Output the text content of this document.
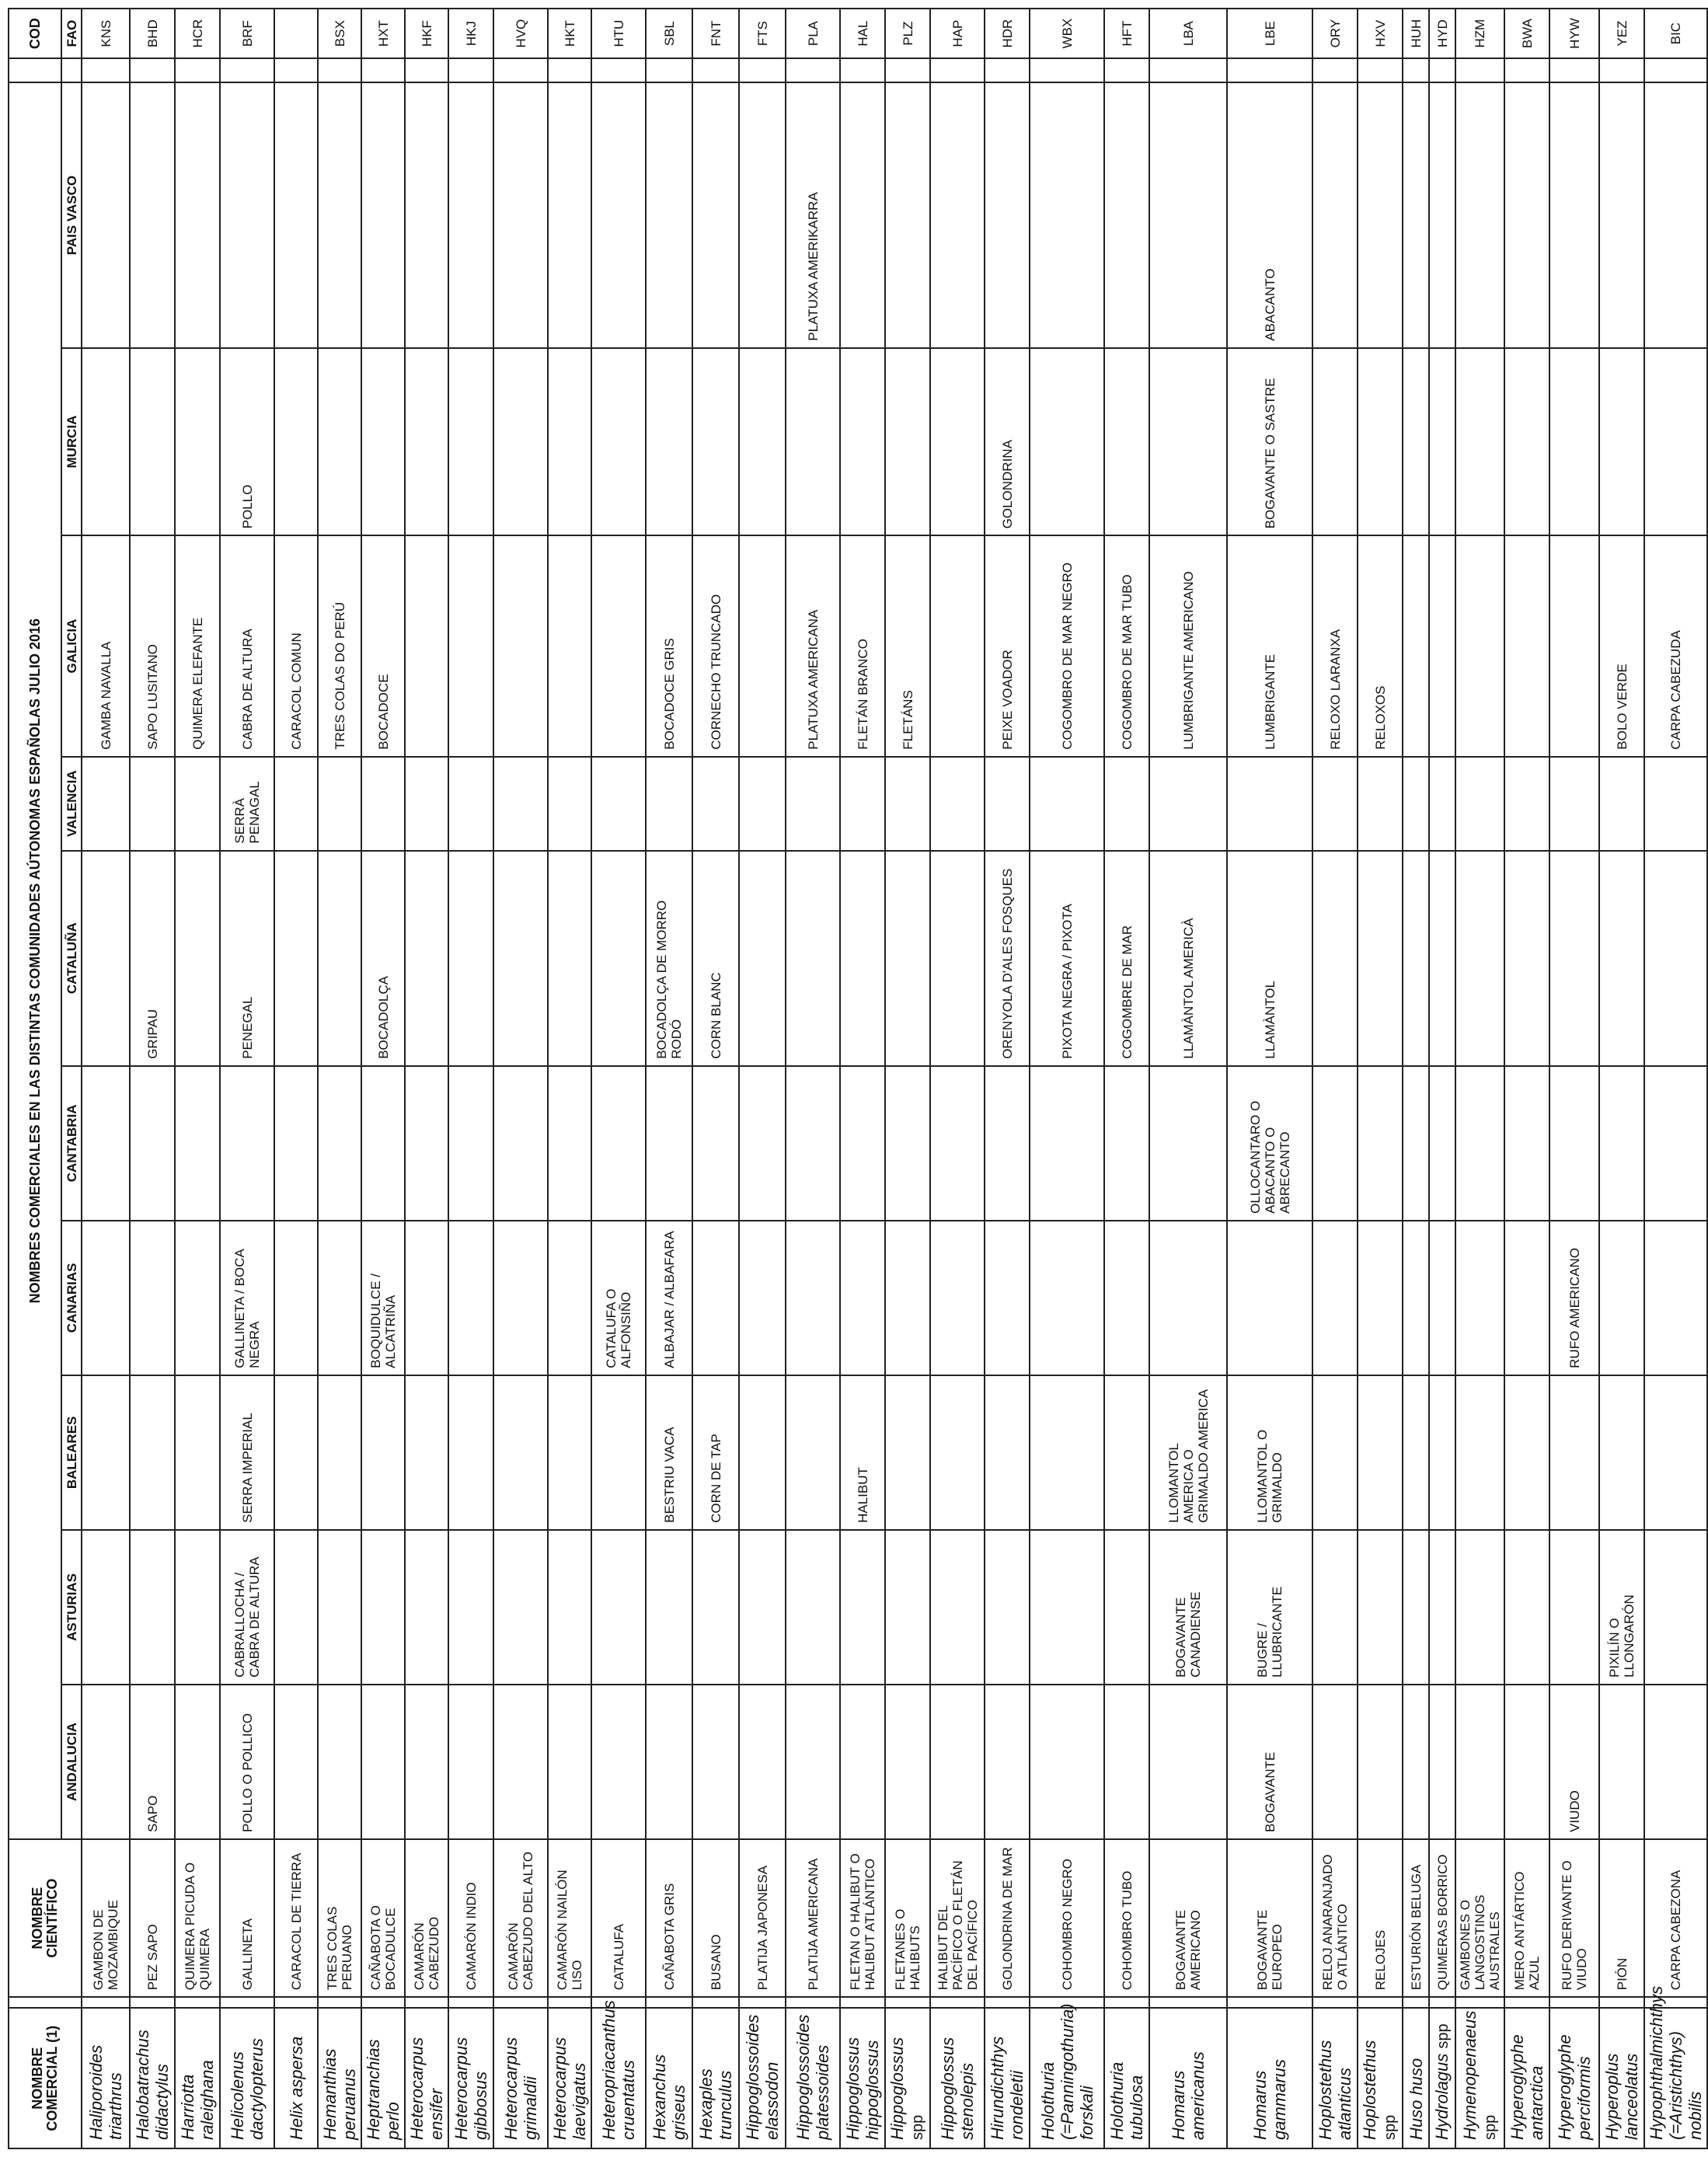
NOMBRE COMERCIAL (1)		NOMBRE CIENTÍFICO	NOMBRES COMERCIALES EN LAS DISTINTAS COMUNIDADES AÚTONOMAS ESPAÑOLAS JULIO 2016											COD
			ANDALUCIA	ASTURIAS	BALEARES	CANARIAS	CANTABRIA	CATALUÑA	VALENCIA	GALICIA	MURCIA	PAIS VASCO		FAO
Haliporoides triarthrus		GAMBON DE MOZAMBIQUE								GAMBA NAVALLA				KNS
Halobatrachus didactylus		PEZ SAPO	SAPO					GRIPAU		SAPO LUSITANO				BHD
Harriotta raleighana		QUIMERA PICUDA O QUIMERA								QUIMERA ELEFANTE				HCR
Helicolenus dactylopterus		GALLINETA	POLLO O POLLICO	CABRALLOCHA / CABRA DE ALTURA	SERRA IMPERIAL	GALLINETA / BOCA NEGRA		PENEGAL	SERRÀ PENAGAL	CABRA DE ALTURA	POLLO			BRF
Helix aspersa		CARACOL DE TIERRA								CARACOL COMUN				
Hemanthias peruanus		TRES COLAS PERUANO								TRES COLAS DO PERÚ				BSX
Heptranchias perlo		CAÑABOTA O BOCADULCE				BOQUIDULCE / ALCATRIÑA		BOCADOLÇA		BOCADOCE				HXT
Heterocarpus ensifer		CAMARÓN CABEZUDO												HKF
Heterocarpus gibbosus		CAMARÓN INDIO												HKJ
Heterocarpus grimaldii		CAMARÓN CABEZUDO DEL ALTO												HVQ
Heterocarpus laevigatus		CAMARÓN NAILÓN LISO												HKT
Heteropriacanthus cruentatus		CATALUFA				CATALUFA O ALFONSIÑO								HTU
Hexanchus griseus		CAÑABOTA GRIS			BESTRIU VACA	ALBAJAR / ALBAFARA		BOCADOLÇA DE MORRO RODÓ		BOCADOCE GRIS				SBL
Hexaples trunculus		BUSANO			CORN DE TAP			CORN BLANC		CORNECHO TRUNCADO				FNT
Hippoglossoides elassodon		PLATIJA JAPONESA												FTS
Hippoglossoides platessoides		PLATIJA AMERICANA								PLATUXA AMERICANA		PLATUXA AMERIKARRA		PLA
Hippoglossus hippoglossus		FLETAN O HALIBUT O HALIBUT ATLÁNTICO			HALIBUT					FLETÁN BRANCO				HAL
Hippoglossus spp		FLETANES O HALIBUTS								FLETÁNS				PLZ
Hippoglossus stenolepis		HALIBUT DEL PACÍFICO O FLETÁN DEL PACÍFICO												HAP
Hirundichthys rondeletii		GOLONDRINA DE MAR						ORENYOLA D'ALES FOSQUES		PEIXE VOADOR	GOLONDRINA			HDR
Holothuria (=Panningothuria) forskali		COHOMBRO NEGRO						PIXOTA NEGRA / PIXOTA		COGOMBRO DE MAR NEGRO				WBX
Holothuria tubulosa		COHOMBRO TUBO						COGOMBRE DE MAR		COGOMBRO DE MAR TUBO				HFT
Homarus americanus		BOGAVANTE AMERICANO		BOGAVANTE CANADIENSE	LLOMANTOL AMERICA O GRIMALDO AMERICA			LLAMÀNTOL AMERICÀ		LUMBRIGANTE AMERICANO				LBA
Homarus gammarus		BOGAVANTE EUROPEO	BOGAVANTE	BUGRE / LLUBRICANTE	LLOMANTOL O GRIMALDO		OLLOCANTARO O ABACANTO O ABRECANTO	LLAMÀNTOL		LUMBRIGANTE	BOGAVANTE O SASTRE	ABACANTO		LBE
Hoplostethus atlanticus		RELOJ ANARANJADO O ATLÁNTICO								RELOXO LARANXA				ORY
Hoplostethus spp		RELOJES								RELOXOS				HXV
Huso huso		ESTURIÓN BELUGA												HUH
Hydrolagus spp		QUIMERAS BORRICO												HYD
Hymenopenaeus spp		GAMBONES O LANGOSTINOS AUSTRALES												HZM
Hyperoglyphe antarctica		MERO ANTÁRTICO AZUL												BWA
Hyperoglyphe perciformis		RUFO DERIVANTE O VIUDO	VIUDO			RUFO AMERICANO								HYW
Hyperoplus lanceolatus		PIÓN		PIXILÍN O LLONGARÓN						BOLO VERDE				YEZ
Hypophthalmichthys (=Aristichthys) nobilis		CARPA CABEZONA								CARPA CABEZUDA				BIC
